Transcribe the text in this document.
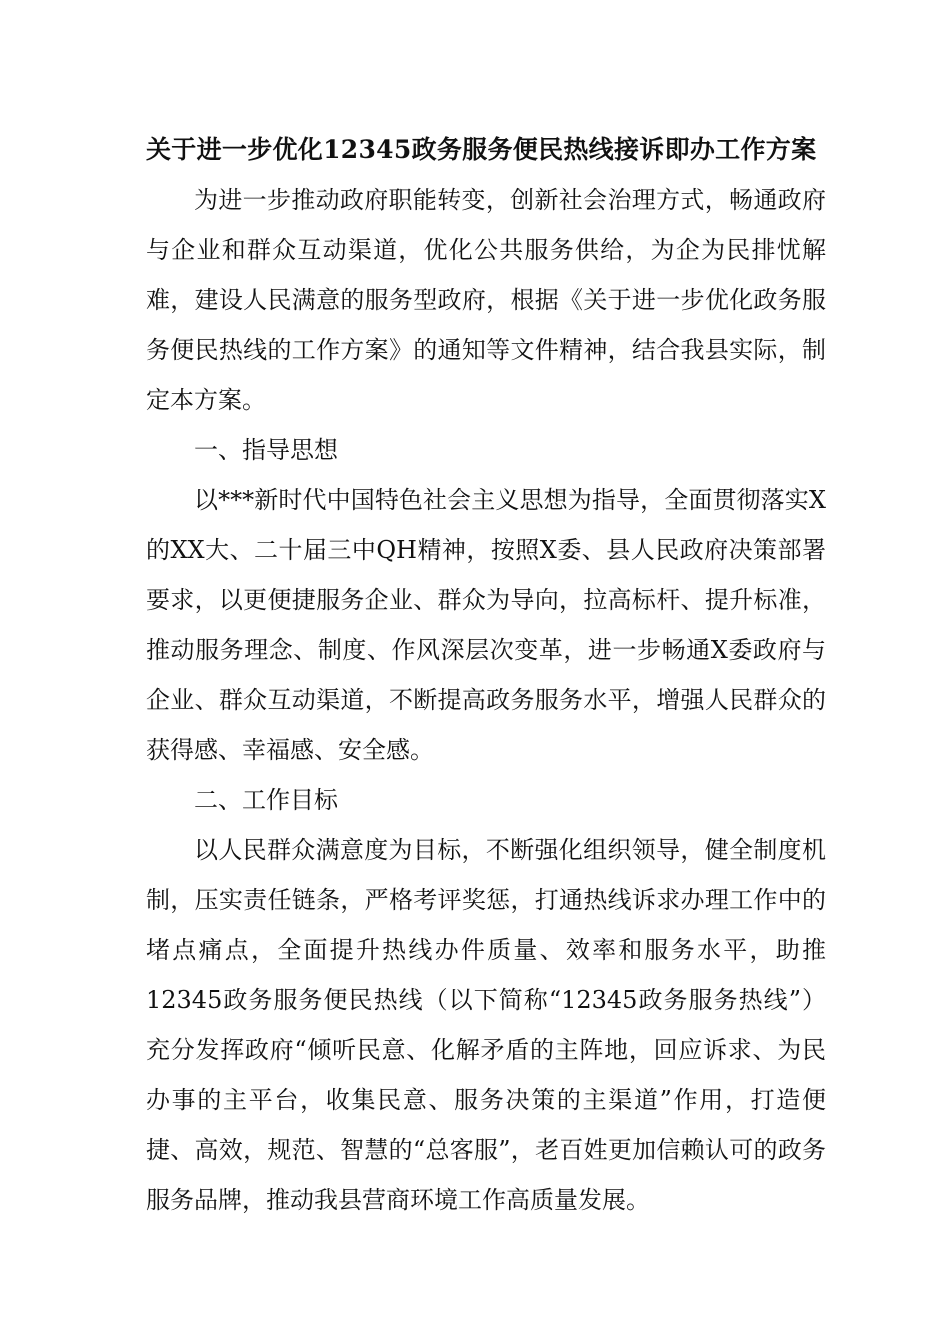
关于进一步优化12345政务服务便民热线接诉即办工作方案

为进一步推动政府职能转变，创新社会治理方式，畅通政府与企业和群众互动渠道，优化公共服务供给，为企为民排忧解难，建设人民满意的服务型政府，根据《关于进一步优化政务服务便民热线的工作方案》的通知等文件精神，结合我县实际，制定本方案。

一、指导思想

以***新时代中国特色社会主义思想为指导，全面贯彻落实X的XX大、二十届三中QH精神，按照X委、县人民政府决策部署要求，以更便捷服务企业、群众为导向，拉高标杆、提升标准，推动服务理念、制度、作风深层次变革，进一步畅通X委政府与企业、群众互动渠道，不断提高政务服务水平，增强人民群众的获得感、幸福感、安全感。

二、工作目标

以人民群众满意度为目标，不断强化组织领导，健全制度机制，压实责任链条，严格考评奖惩，打通热线诉求办理工作中的堵点痛点，全面提升热线办件质量、效率和服务水平，助推12345政务服务便民热线（以下简称“12345政务服务热线”）充分发挥政府“倾听民意、化解矛盾的主阵地，回应诉求、为民办事的主平台，收集民意、服务决策的主渠道”作用，打造便捷、高效，规范、智慧的“总客服”，老百姓更加信赖认可的政务服务品牌，推动我县营商环境工作高质量发展。
